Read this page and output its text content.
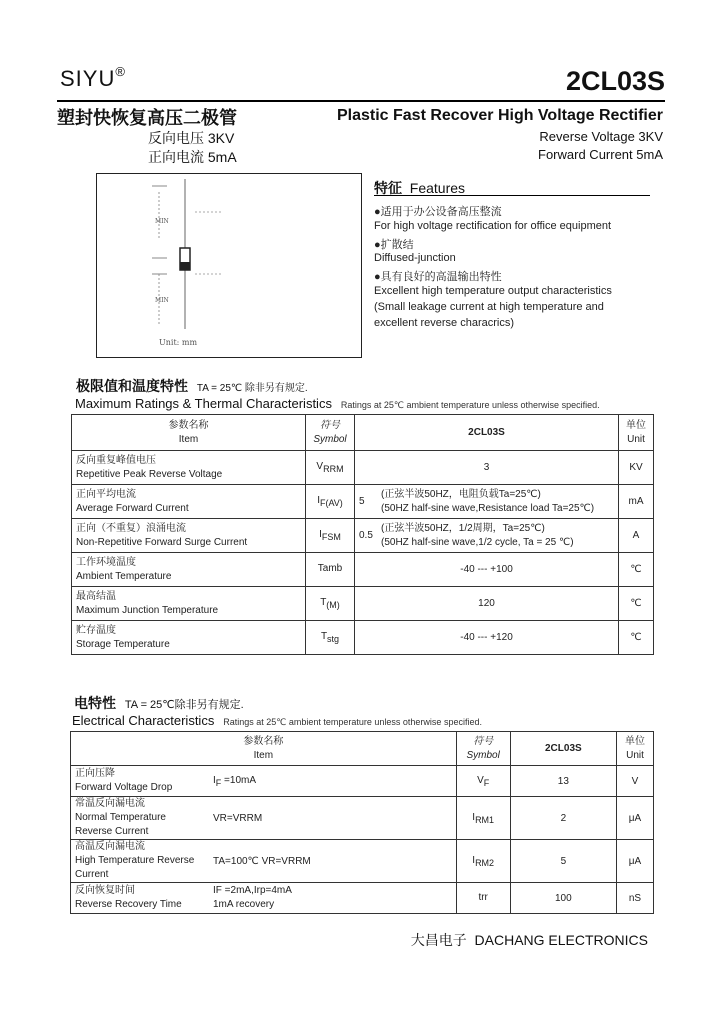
SIYU®	2CL03S
塑封快恢复高压二极管	Plastic Fast Recover High Voltage Rectifier
反向电压 3KV
正向电流 5mA
Reverse Voltage 3KV
Forward Current 5mA
MIN
MIN
Unit: mm
特征 Features
●适用于办公设备高压整流
For high voltage rectification for office equipment
●扩散结
Diffused-junction
●具有良好的高温输出特性
Excellent high temperature output characteristics
(Small leakage current at high temperature and
excellent reverse characrics)
极限值和温度特性 TA = 25℃ 除非另有规定.
Maximum Ratings & Thermal Characteristics Ratings at 25℃ ambient temperature unless otherwise specified.
参数名称
Item	符号
Symbol	2CL03S	单位
Unit

反向重复峰值电压
Repetitive Peak Reverse Voltage	$V_{RRM}$	3	KV

正向平均电流
Average Forward Current	$I_{F(AV)}$	5
(正弦半波50HZ，电阻负载Ta=25℃)
(50HZ half-sine wave,Resistance load Ta=25℃)	mA

正向（不重复）浪涌电流
Non-Repetitive Forward Surge Current	$I_{FSM}$	0.5
(正弦半波50HZ，1/2周期，Ta=25℃)
(50HZ half-sine wave,1/2 cycle, Ta = 25 ℃)	A

工作环境温度
Ambient Temperature	Tamb	-40 --- +100	℃

最高结温
Maximum Junction Temperature	$T_{(M)}$	120	℃

贮存温度
Storage Temperature	$T_{stg}$	-40 --- +120	℃
电特性 TA = 25℃除非另有规定.
Electrical Characteristics Ratings at 25℃ ambient temperature unless otherwise specified.
参数名称
Item		符号
Symbol	2CL03S	单位
Unit

正向压降
Forward Voltage Drop	$I_F =10mA$	$V_F$	13	V

常温反向漏电流
Normal Temperature Reverse Current	VR=VRRM	$I_{RM1}$	2	μA

高温反向漏电流
High Temperature Reverse Current	TA=100℃ VR=VRRM	$I_{RM2}$	5	μA

反向恢复时间
Reverse Recovery Time	IF =2mA,Irp=4mA
1mA recovery	trr	100	nS
大昌电子 DACHANG ELECTRONICS
